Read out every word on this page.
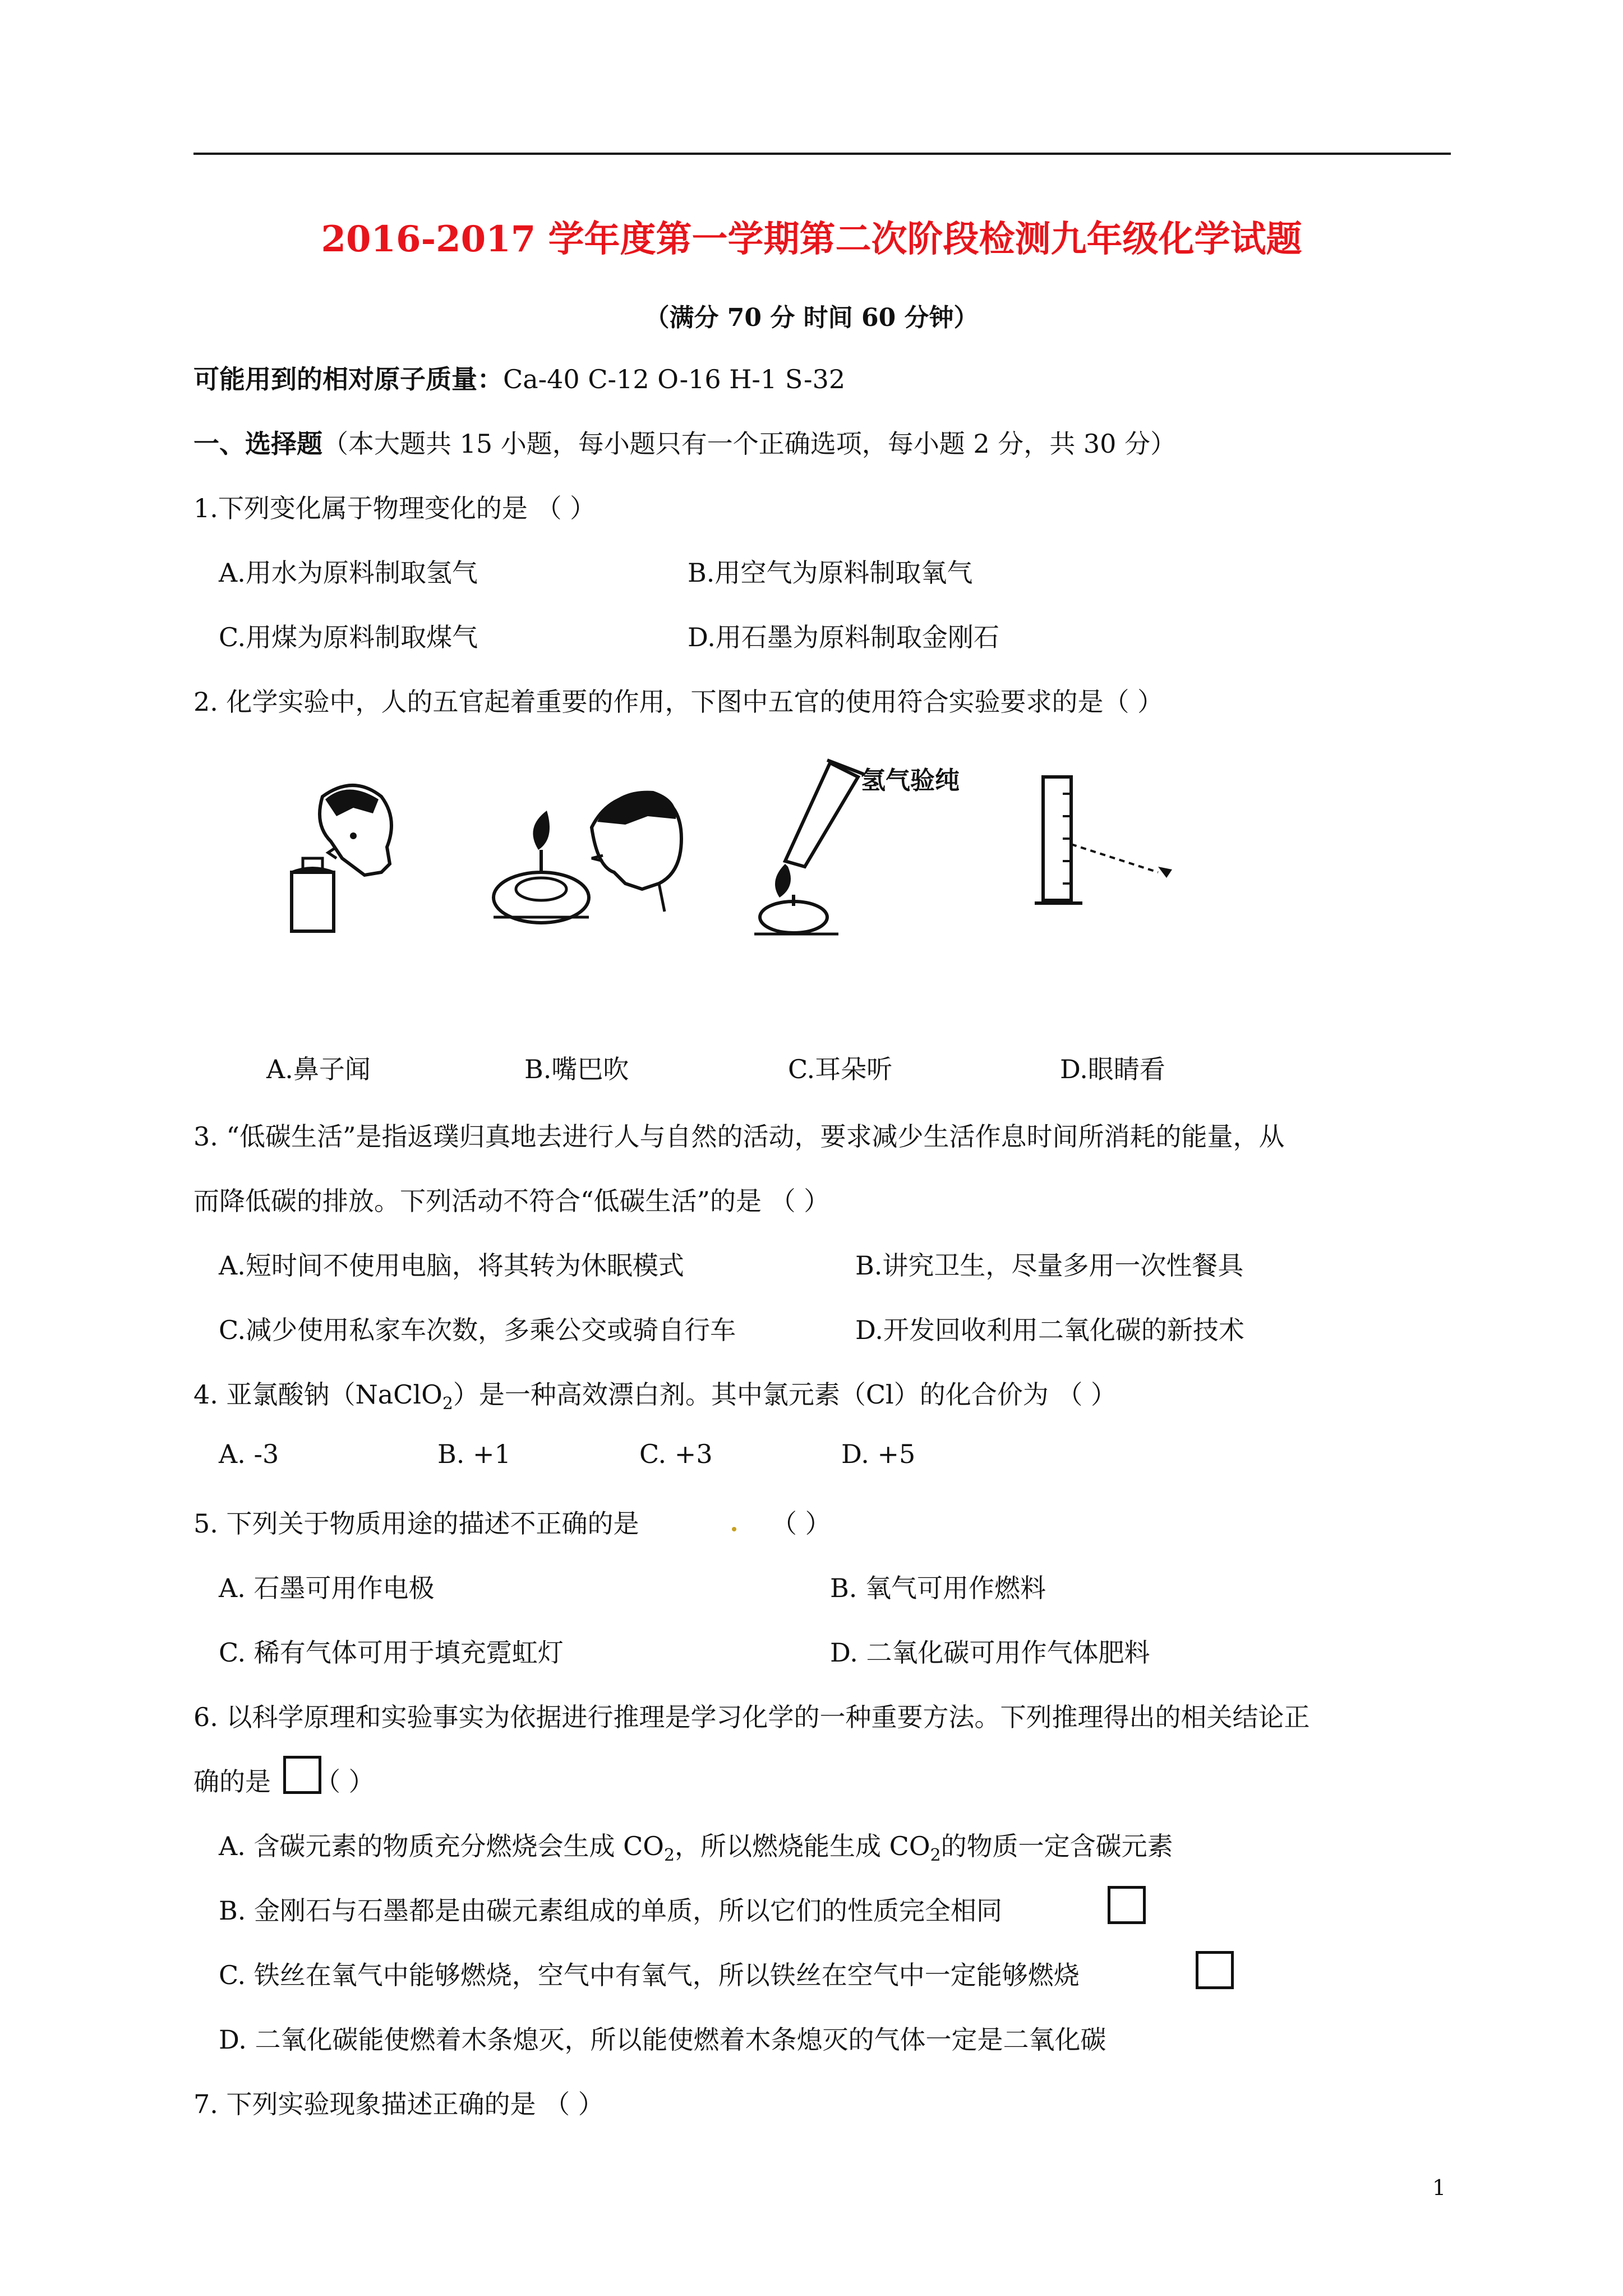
2016-2017 学年度第一学期第二次阶段检测九年级化学试题
（满分 70 分 时间 60 分钟）
可能用到的相对原子质量：Ca-40 C-12 O-16 H-1 S-32
一、选择题（本大题共 15 小题，每小题只有一个正确选项，每小题 2 分，共 30 分）
1.下列变化属于物理变化的是 （ ）
A.用水为原料制取氢气	B.用空气为原料制取氧气
C.用煤为原料制取煤气	D.用石墨为原料制取金刚石
2. 化学实验中，人的五官起着重要的作用，下图中五官的使用符合实验要求的是（ ）
氢气验纯
A.鼻子闻	B.嘴巴吹	C.耳朵听	D.眼睛看
3. “低碳生活”是指返璞归真地去进行人与自然的活动，要求减少生活作息时间所消耗的能量，从
而降低碳的排放。下列活动不符合“低碳生活”的是 （ ）
A.短时间不使用电脑，将其转为休眠模式	B.讲究卫生，尽量多用一次性餐具
C.减少使用私家车次数，多乘公交或骑自行车	D.开发回收利用二氧化碳的新技术
4. 亚氯酸钠（NaClO$_2$）是一种高效漂白剂。其中氯元素（Cl）的化合价为 （ ）
A. -3	B. +1	C. +3	D. +5
5. 下列关于物质用途的描述不正确的是	（ ）
A. 石墨可用作电极	B. 氧气可用作燃料
C. 稀有气体可用于填充霓虹灯	D. 二氧化碳可用作气体肥料
6. 以科学原理和实验事实为依据进行推理是学习化学的一种重要方法。下列推理得出的相关结论正
确的是 （ ）
A. 含碳元素的物质充分燃烧会生成 $CO_2$，所以燃烧能生成 $CO_2$的物质一定含碳元素
B. 金刚石与石墨都是由碳元素组成的单质，所以它们的性质完全相同
C. 铁丝在氧气中能够燃烧，空气中有氧气，所以铁丝在空气中一定能够燃烧
D. 二氧化碳能使燃着木条熄灭，所以能使燃着木条熄灭的气体一定是二氧化碳
7. 下列实验现象描述正确的是 （ ）
1
